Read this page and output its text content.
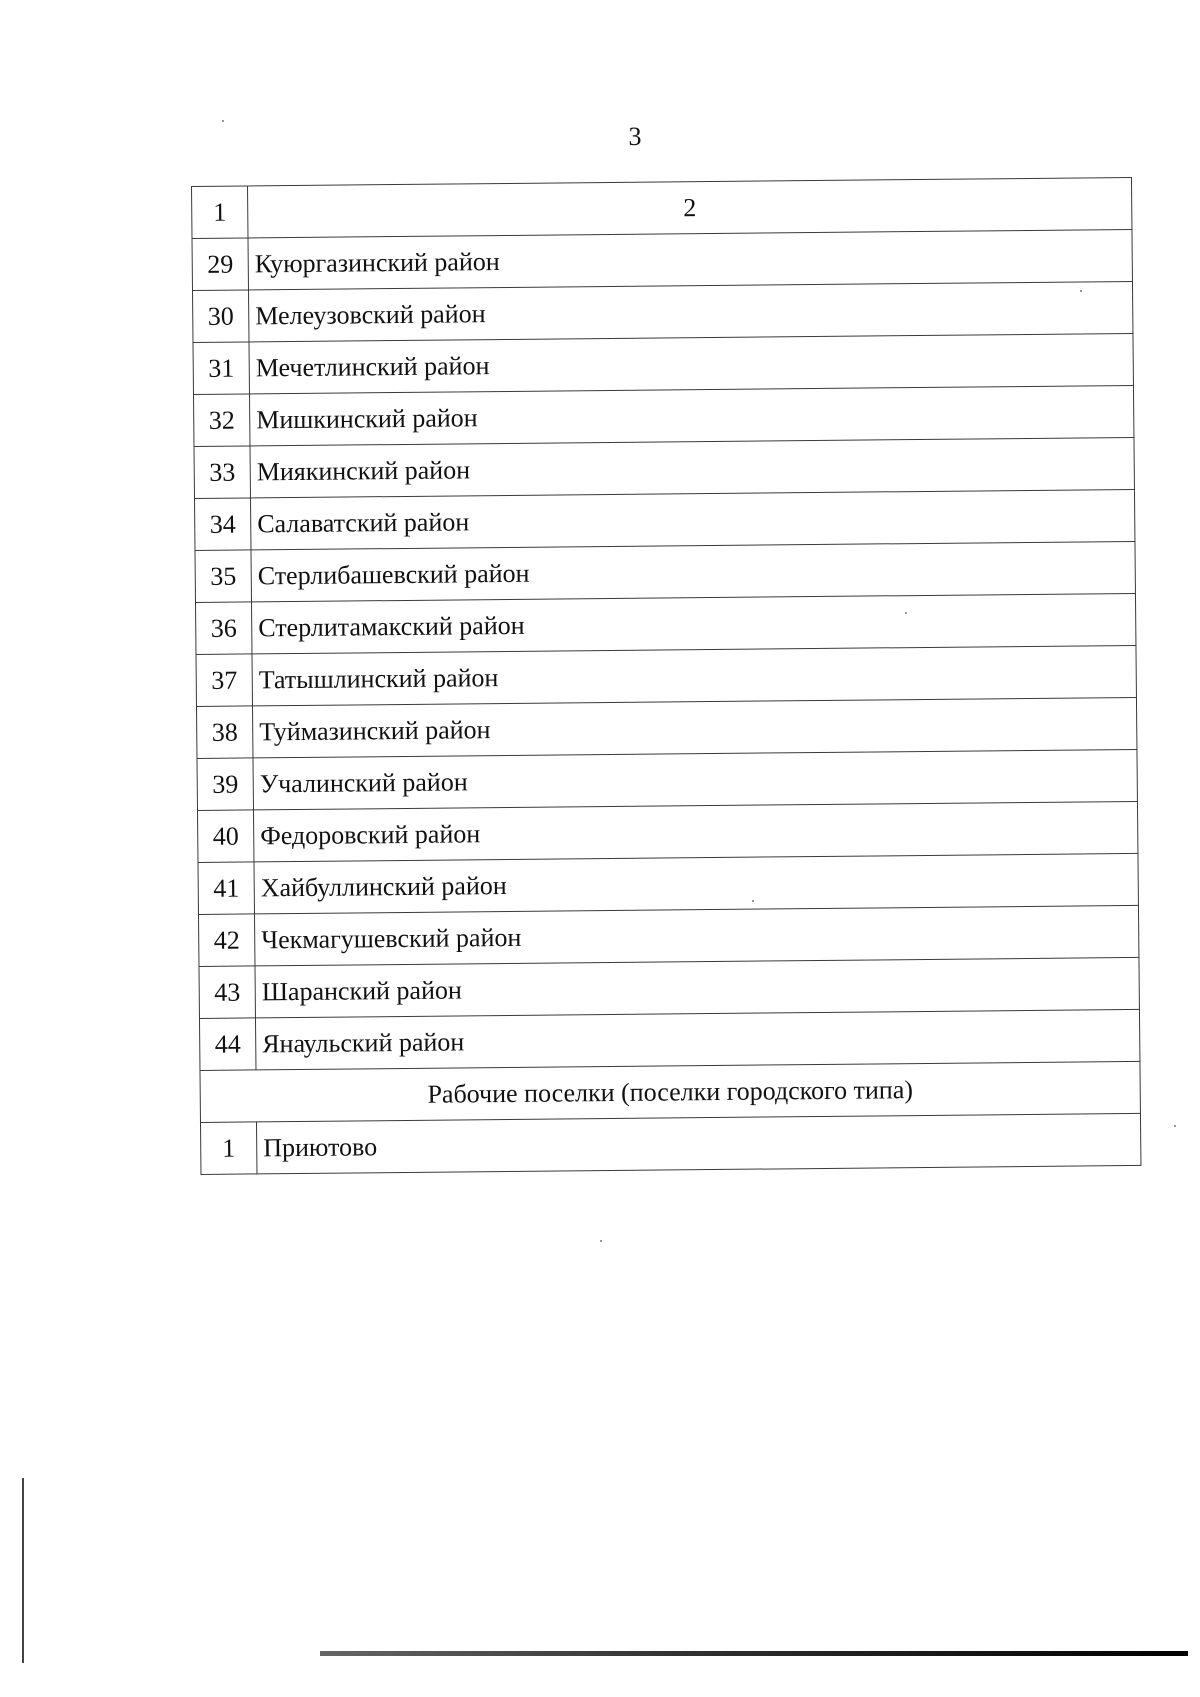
3
1	2
29	Куюргазинский район
30	Мелеузовский район
31	Мечетлинский район
32	Мишкинский район
33	Миякинский район
34	Салаватский район
35	Стерлибашевский район
36	Стерлитамакский район
37	Татышлинский район
38	Туймазинский район
39	Учалинский район
40	Федоровский район
41	Хайбуллинский район
42	Чекмагушевский район
43	Шаранский район
44	Янаульский район
Рабочие поселки (поселки городского типа)	
1	Приютово
